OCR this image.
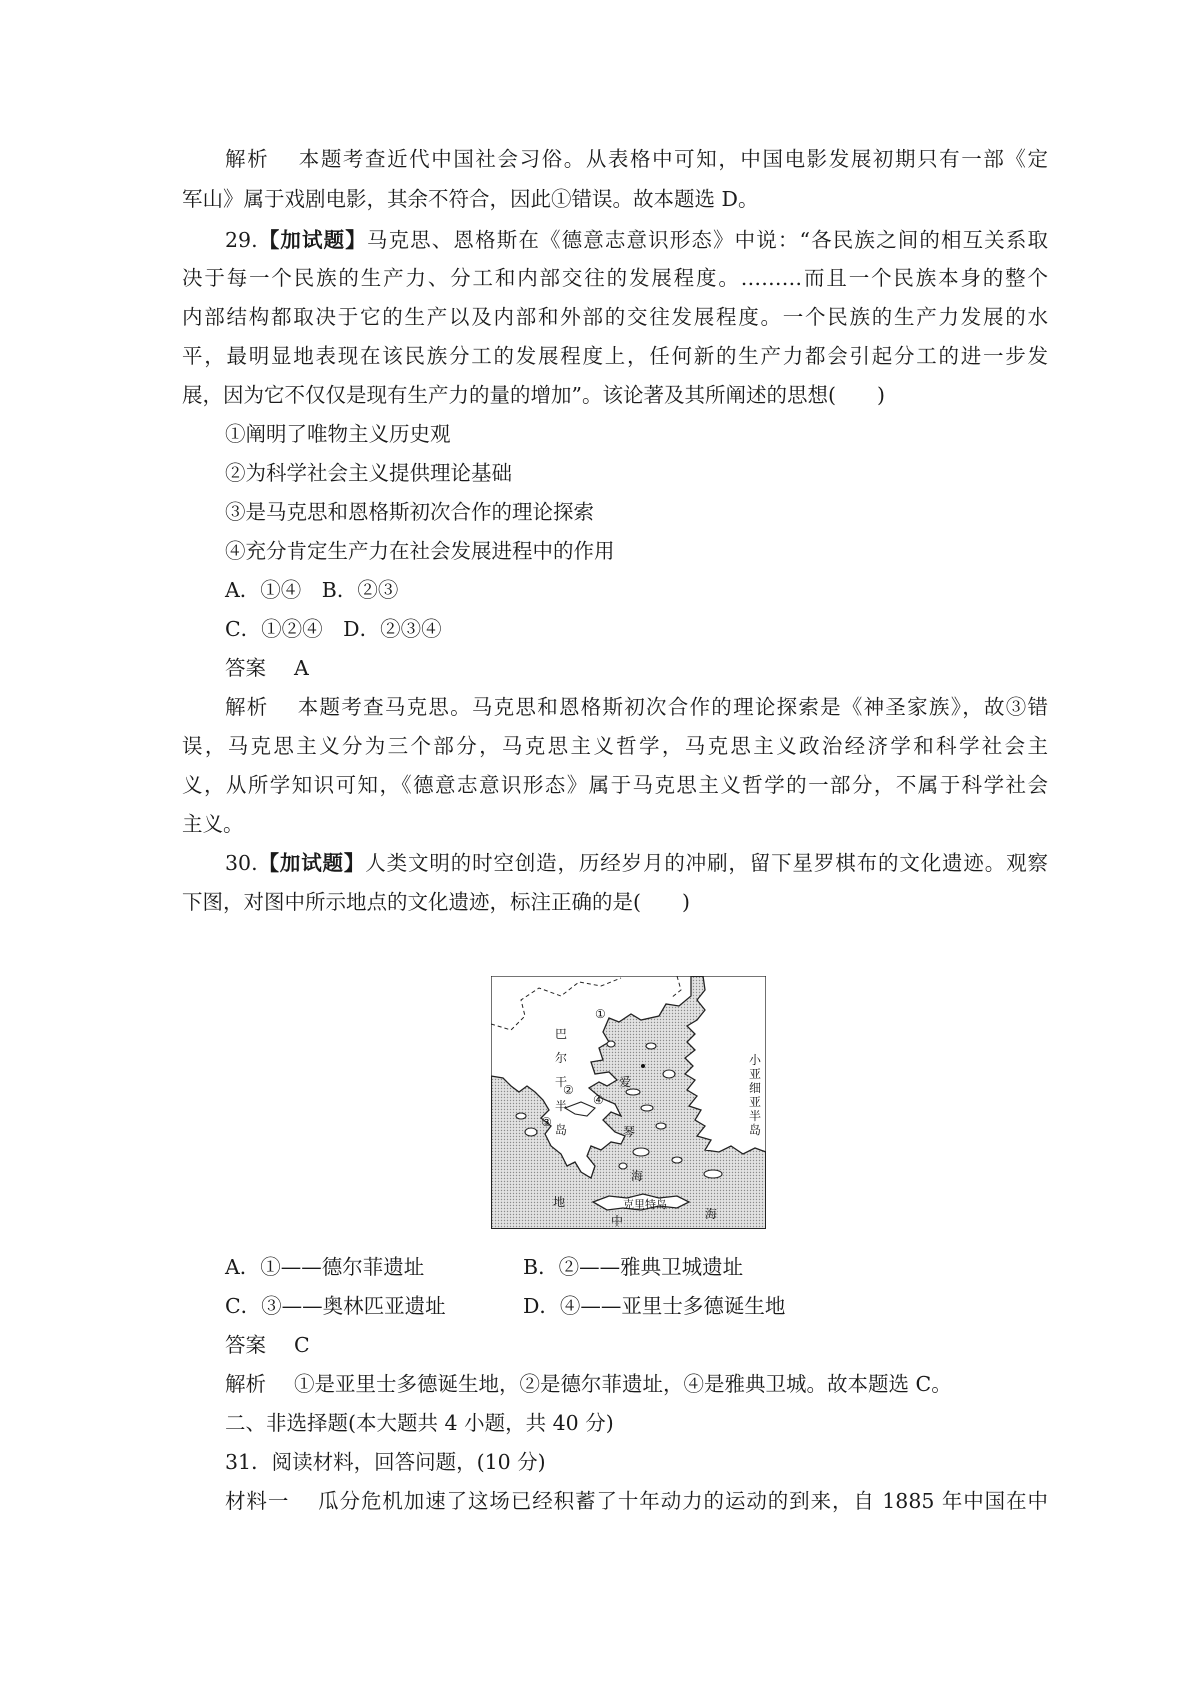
解析 本题考查近代中国社会习俗。从表格中可知，中国电影发展初期只有一部《定
军山》属于戏剧电影，其余不符合，因此①错误。故本题选 D。
29.【加试题】马克思、恩格斯在《德意志意识形态》中说：“各民族之间的相互关系取
决于每一个民族的生产力、分工和内部交往的发展程度。………而且一个民族本身的整个
内部结构都取决于它的生产以及内部和外部的交往发展程度。一个民族的生产力发展的水
平，最明显地表现在该民族分工的发展程度上，任何新的生产力都会引起分工的进一步发
展，因为它不仅仅是现有生产力的量的增加”。该论著及其所阐述的思想(　　)
①阐明了唯物主义历史观
②为科学社会主义提供理论基础
③是马克思和恩格斯初次合作的理论探索
④充分肯定生产力在社会发展进程中的作用
A．①④　B．②③
C．①②④　D．②③④
答案 A
解析 本题考查马克思。马克思和恩格斯初次合作的理论探索是《神圣家族》，故③错
误，马克思主义分为三个部分，马克思主义哲学，马克思主义政治经济学和科学社会主
义，从所学知识可知，《德意志意识形态》属于马克思主义哲学的一部分，不属于科学社会
主义。
30.【加试题】人类文明的时空创造，历经岁月的冲刷，留下星罗棋布的文化遗迹。观察
下图，对图中所示地点的文化遗迹，标注正确的是(　　)
巴
尔
干
半
岛
爱
琴
海
小
亚
细
亚
半
岛
克里特岛
地
中	海
①
②
③
④
A．①——德尔菲遗址	B．②——雅典卫城遗址
C．③——奥林匹亚遗址	D．④——亚里士多德诞生地
答案 C
解析 ①是亚里士多德诞生地，②是德尔菲遗址，④是雅典卫城。故本题选 C。
二、非选择题(本大题共 4 小题，共 40 分)
31．阅读材料，回答问题，(10 分)
材料一 瓜分危机加速了这场已经积蓄了十年动力的运动的到来，自 1885 年中国在中
